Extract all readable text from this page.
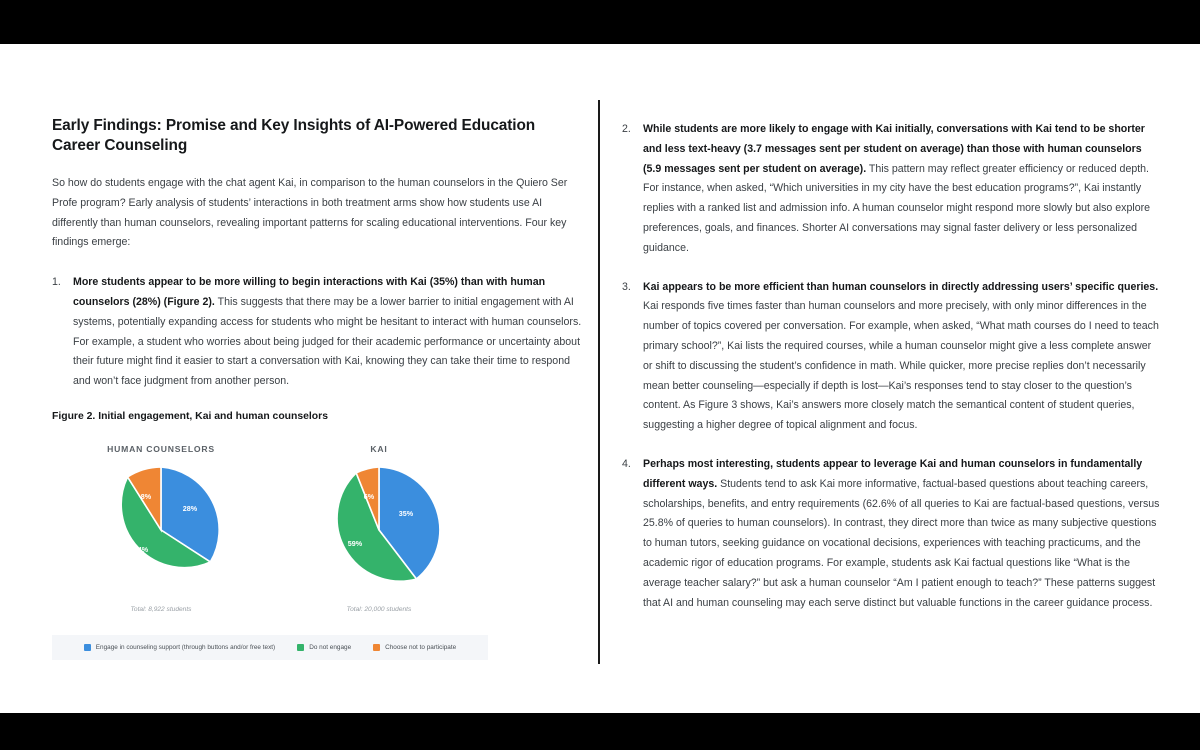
Early Findings: Promise and Key Insights of AI-Powered Education Career Counseling

So how do students engage with the chat agent Kai, in comparison to the human counselors in the Quiero Ser Profe program? Early analysis of students’ interactions in both treatment arms show how students use AI differently than human counselors, revealing important patterns for scaling educational interventions. Four key findings emerge:

More students appear to be more willing to begin interactions with Kai (35%) than with human counselors (28%) (Figure 2). This suggests that there may be a lower barrier to initial engagement with AI systems, potentially expanding access for students who might be hesitant to interact with human counselors. For example, a student who worries about being judged for their academic performance or uncertainty about their future might find it easier to start a conversation with Kai, knowing they can take their time to respond and won’t face judgment from another person.
Figure 2. Initial engagement, Kai and human counselors
HUMAN COUNSELORS
28%
64%
8%
Total: 8,922 students
KAI
35%
59%
6%
Total: 20,000 students
Engage in counseling support (through buttons and/or free text)	Do not engage	Choose not to participate
While students are more likely to engage with Kai initially, conversations with Kai tend to be shorter and less text-heavy (3.7 messages sent per student on average) than those with human counselors (5.9 messages sent per student on average). This pattern may reflect greater efficiency or reduced depth. For instance, when asked, “Which universities in my city have the best education programs?”, Kai instantly replies with a ranked list and admission info. A human counselor might respond more slowly but also explore preferences, goals, and finances. Shorter AI conversations may signal faster delivery or less personalized guidance.
Kai appears to be more efficient than human counselors in directly addressing users’ specific queries. Kai responds five times faster than human counselors and more precisely, with only minor differences in the number of topics covered per conversation. For example, when asked, “What math courses do I need to teach primary school?”, Kai lists the required courses, while a human counselor might give a less complete answer or shift to discussing the student’s confidence in math. While quicker, more precise replies don’t necessarily mean better counseling—especially if depth is lost—Kai’s responses tend to stay closer to the question’s content. As Figure 3 shows, Kai’s answers more closely match the semantical content of student queries, suggesting a higher degree of topical alignment and focus.
Perhaps most interesting, students appear to leverage Kai and human counselors in fundamentally different ways. Students tend to ask Kai more informative, factual-based questions about teaching careers, scholarships, benefits, and entry requirements (62.6% of all queries to Kai are factual-based questions, versus 25.8% of queries to human counselors). In contrast, they direct more than twice as many subjective questions to human tutors, seeking guidance on vocational decisions, experiences with teaching practicums, and the academic rigor of education programs. For example, students ask Kai factual questions like “What is the average teacher salary?” but ask a human counselor “Am I patient enough to teach?” These patterns suggest that AI and human counseling may each serve distinct but valuable functions in the career guidance process.
